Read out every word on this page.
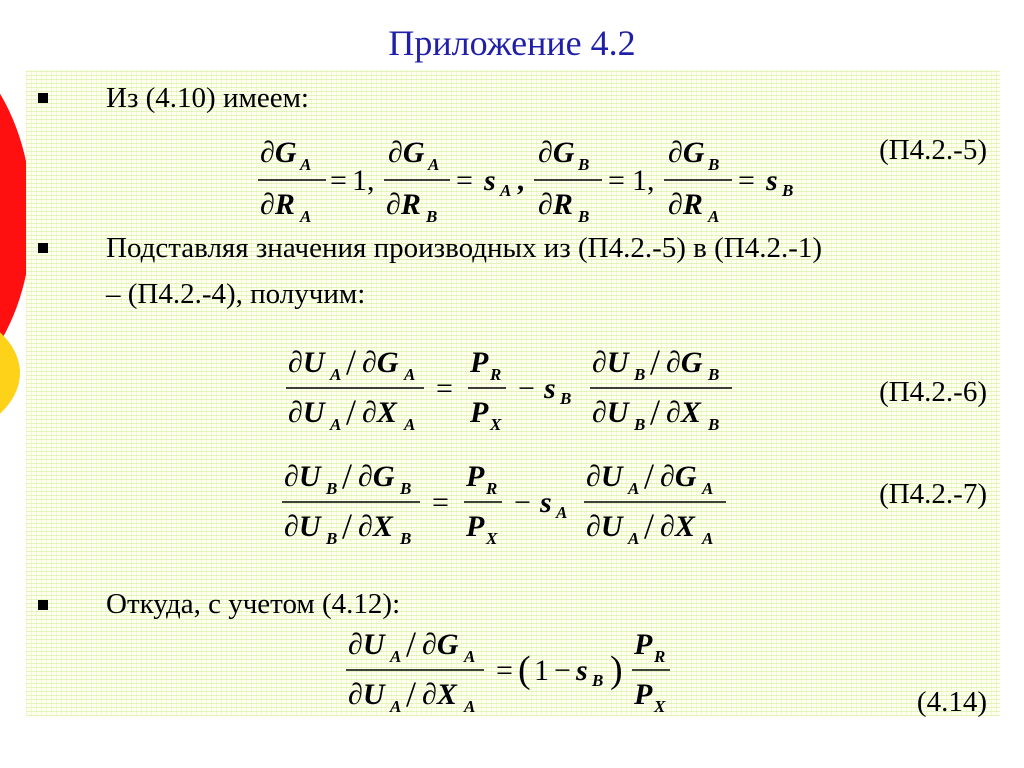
Приложение 4.2
Из (4.10) имеем:
(П4.2.-5)
∂G A
∂R A
= 1,
∂G A
∂R B
= s A ,
∂G B
∂R B
= 1,
∂G B
∂R A
= s B
Подставляя значения производных из (П4.2.-5) в (П4.2.-1)
– (П4.2.-4), получим:
∂U A / ∂G A
∂U A / ∂X A
=
P R
P X
− s B
∂U B / ∂G B
∂U B / ∂X B
(П4.2.-6)
∂U B / ∂G B
∂U B / ∂X B
=
P R
P X
− s A
∂U A / ∂G A
∂U A / ∂X A
(П4.2.-7)
Откуда, с учетом (4.12):
∂U A / ∂G A
∂U A / ∂X A
= ( 1 − s B )
P R
P X	(4.14)
